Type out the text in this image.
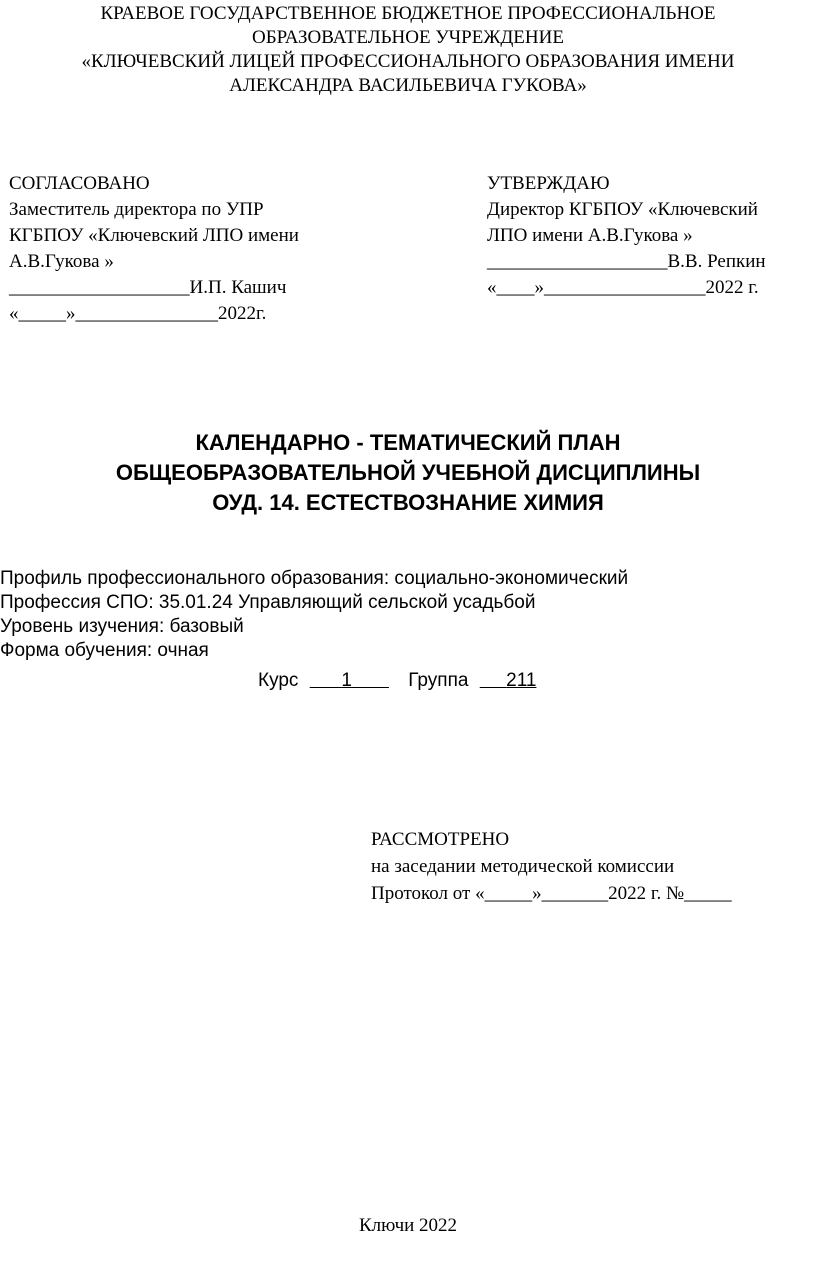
КРАЕВОЕ ГОСУДАРСТВЕННОЕ БЮДЖЕТНОЕ ПРОФЕССИОНАЛЬНОЕ
ОБРАЗОВАТЕЛЬНОЕ УЧРЕЖДЕНИЕ
«КЛЮЧЕВСКИЙ ЛИЦЕЙ ПРОФЕССИОНАЛЬНОГО ОБРАЗОВАНИЯ ИМЕНИ
АЛЕКСАНДРА ВАСИЛЬЕВИЧА ГУКОВА»
СОГЛАСОВАНО
Заместитель директора по УПР
КГБПОУ «Ключевский ЛПО имени
А.В.Гукова »
___________________И.П. Кашич
«_____»_______________2022г.
УТВЕРЖДАЮ
Директор КГБПОУ «Ключевский
ЛПО имени А.В.Гукова »
___________________В.В. Репкин
«____»_________________2022 г.
КАЛЕНДАРНО - ТЕМАТИЧЕСКИЙ ПЛАН
ОБЩЕОБРАЗОВАТЕЛЬНОЙ УЧЕБНОЙ ДИСЦИПЛИНЫ
ОУД. 14. ЕСТЕСТВОЗНАНИЕ ХИМИЯ
Профиль профессионального образования: социально-экономический
Профессия СПО: 35.01.24 Управляющий сельской усадьбой
Уровень изучения: базовый
Форма обучения: очная
Курс 1	Группа 211
РАССМОТРЕНО
на заседании методической комиссии
Протокол от «_____»_______2022 г. №_____
Ключи 2022
